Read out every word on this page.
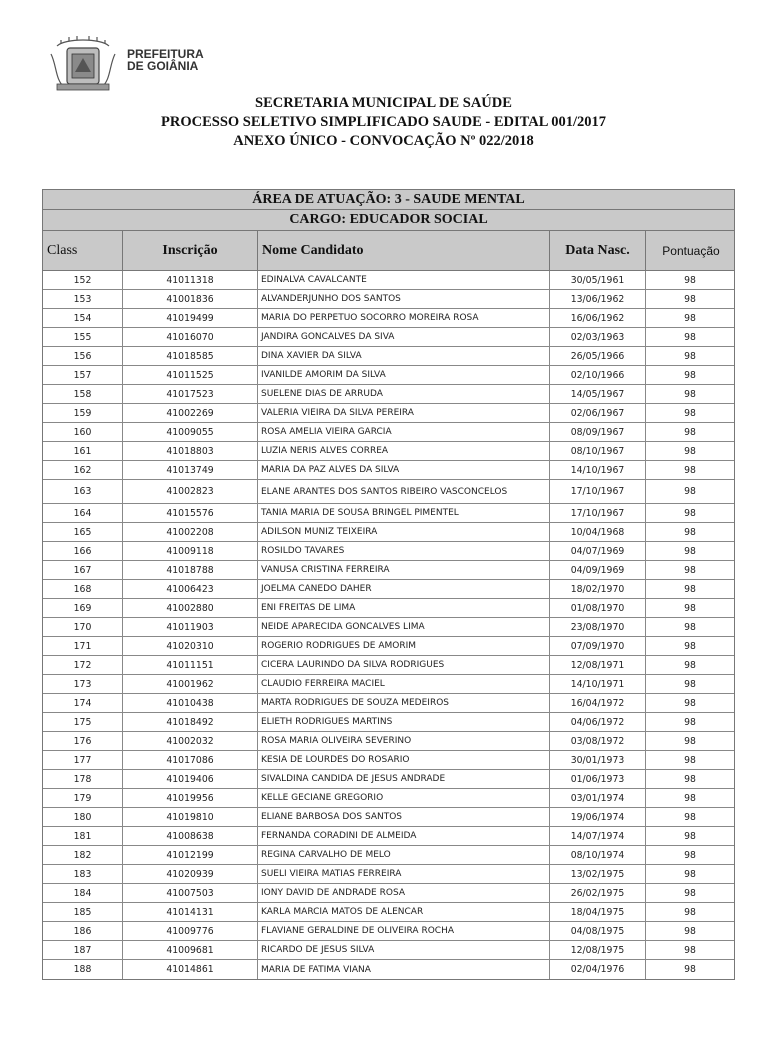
PREFEITURA
DE GOIÂNIA
SECRETARIA MUNICIPAL DE SAÚDE
PROCESSO SELETIVO SIMPLIFICADO SAUDE - EDITAL 001/2017
ANEXO ÚNICO - CONVOCAÇÃO Nº 022/2018
ÁREA DE ATUAÇÃO: 3 - SAUDE MENTAL
CARGO: EDUCADOR SOCIAL
Class	Inscrição	Nome Candidato	Data Nasc.	Pontuação
152	41011318	EDINALVA CAVALCANTE	30/05/1961	98
153	41001836	ALVANDERJUNHO DOS SANTOS	13/06/1962	98
154	41019499	MARIA DO PERPETUO SOCORRO MOREIRA ROSA	16/06/1962	98
155	41016070	JANDIRA GONCALVES DA SIVA	02/03/1963	98
156	41018585	DINA XAVIER DA SILVA	26/05/1966	98
157	41011525	IVANILDE AMORIM DA SILVA	02/10/1966	98
158	41017523	SUELENE DIAS DE ARRUDA	14/05/1967	98
159	41002269	VALERIA VIEIRA DA SILVA PEREIRA	02/06/1967	98
160	41009055	ROSA AMELIA VIEIRA GARCIA	08/09/1967	98
161	41018803	LUZIA NERIS ALVES CORREA	08/10/1967	98
162	41013749	MARIA DA PAZ ALVES DA SILVA	14/10/1967	98
163	41002823	ELANE ARANTES DOS SANTOS RIBEIRO VASCONCELOS	17/10/1967	98
164	41015576	TANIA MARIA DE SOUSA BRINGEL PIMENTEL	17/10/1967	98
165	41002208	ADILSON MUNIZ TEIXEIRA	10/04/1968	98
166	41009118	ROSILDO TAVARES	04/07/1969	98
167	41018788	VANUSA CRISTINA FERREIRA	04/09/1969	98
168	41006423	JOELMA CANEDO DAHER	18/02/1970	98
169	41002880	ENI FREITAS DE LIMA	01/08/1970	98
170	41011903	NEIDE APARECIDA GONCALVES LIMA	23/08/1970	98
171	41020310	ROGERIO RODRIGUES DE AMORIM	07/09/1970	98
172	41011151	CICERA LAURINDO DA SILVA RODRIGUES	12/08/1971	98
173	41001962	CLAUDIO FERREIRA MACIEL	14/10/1971	98
174	41010438	MARTA RODRIGUES DE SOUZA MEDEIROS	16/04/1972	98
175	41018492	ELIETH RODRIGUES MARTINS	04/06/1972	98
176	41002032	ROSA MARIA OLIVEIRA SEVERINO	03/08/1972	98
177	41017086	KESIA DE LOURDES DO ROSARIO	30/01/1973	98
178	41019406	SIVALDINA CANDIDA DE JESUS ANDRADE	01/06/1973	98
179	41019956	KELLE GECIANE GREGORIO	03/01/1974	98
180	41019810	ELIANE BARBOSA DOS SANTOS	19/06/1974	98
181	41008638	FERNANDA CORADINI DE ALMEIDA	14/07/1974	98
182	41012199	REGINA CARVALHO DE MELO	08/10/1974	98
183	41020939	SUELI VIEIRA MATIAS FERREIRA	13/02/1975	98
184	41007503	IONY DAVID DE ANDRADE ROSA	26/02/1975	98
185	41014131	KARLA MARCIA MATOS DE ALENCAR	18/04/1975	98
186	41009776	FLAVIANE GERALDINE DE OLIVEIRA ROCHA	04/08/1975	98
187	41009681	RICARDO DE JESUS SILVA	12/08/1975	98
188	41014861	MARIA DE FATIMA VIANA	02/04/1976	98
